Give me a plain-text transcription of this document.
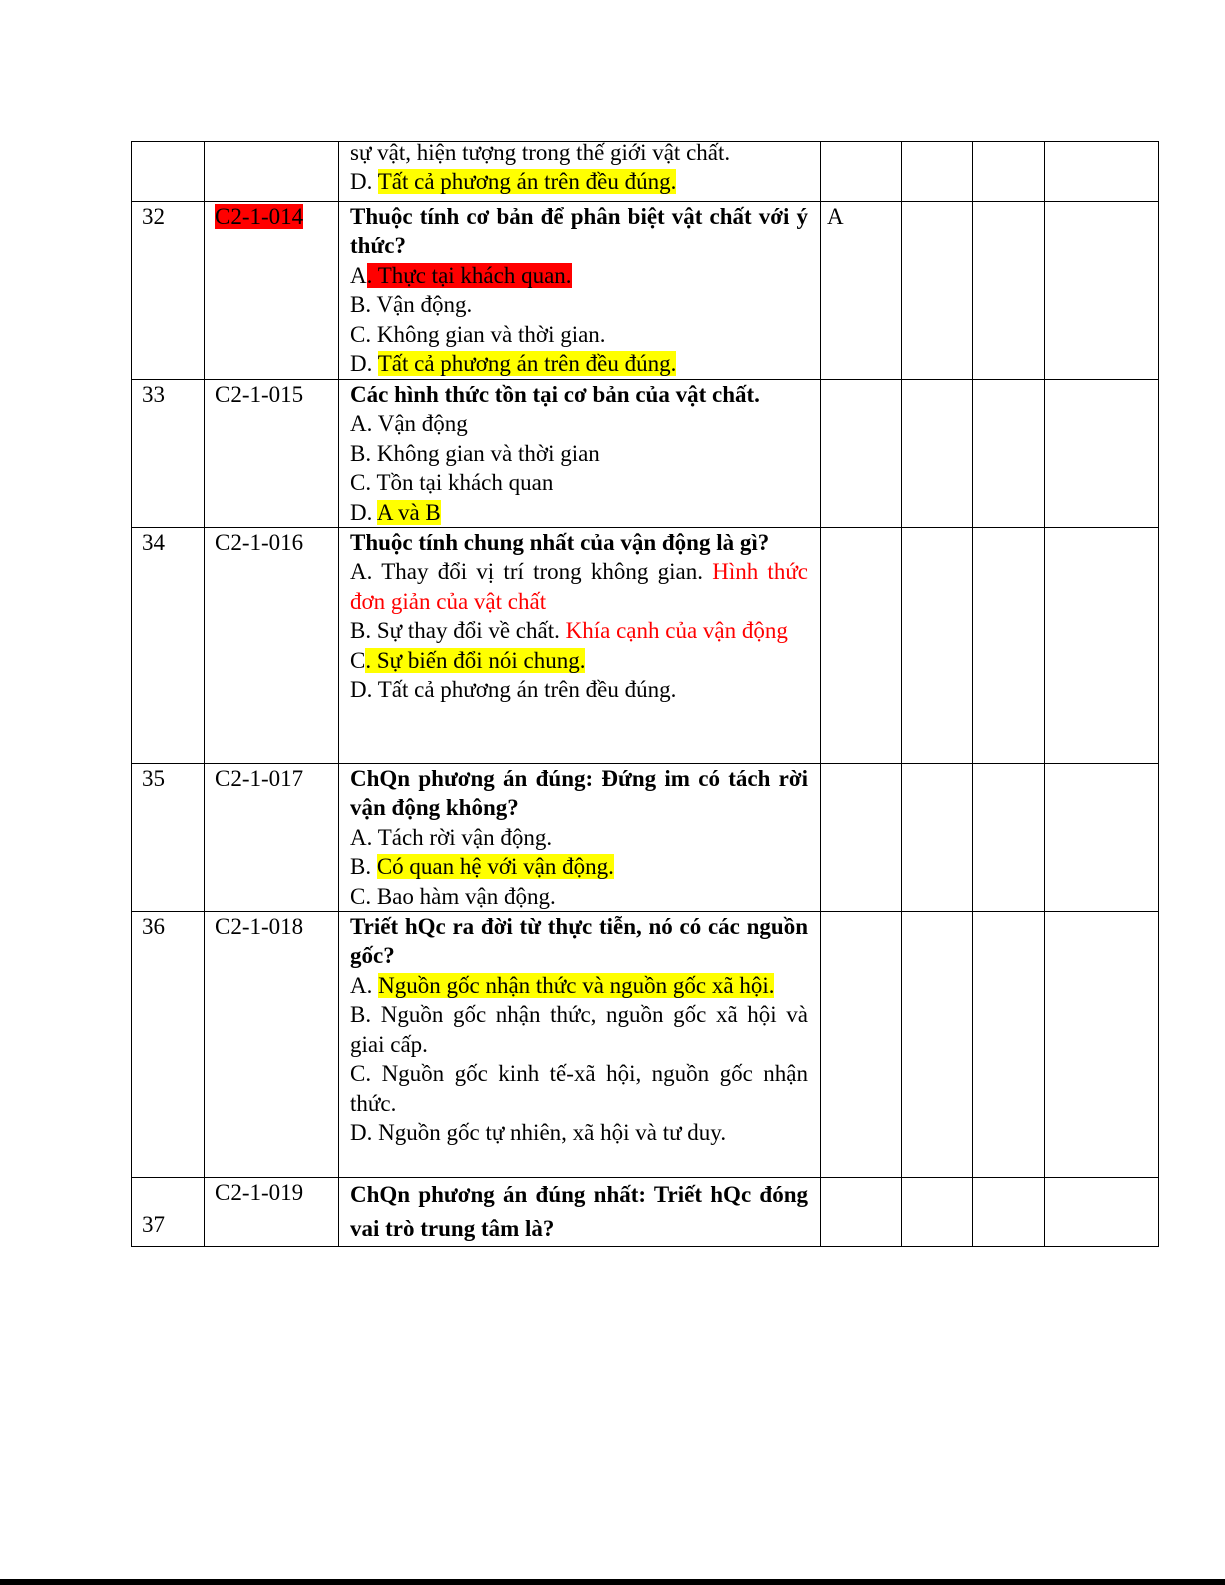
		sự vật, hiện tượng trong thế giới vật chất.
D. Tất cả phương án trên đều đúng.				

32	C2-1-014	Thuộc tính cơ bản để phân biệt vật chất với ý thức?
A. Thực tại khách quan.
B. Vận động.
C. Không gian và thời gian.
D. Tất cả phương án trên đều đúng.	A			
33	C2-1-015	Các hình thức tồn tại cơ bản của vật chất.
A. Vận động
B. Không gian và thời gian
C. Tồn tại khách quan
D. A và B				

34	C2-1-016	Thuộc tính chung nhất của vận động là gì?
A. Thay đổi vị trí trong không gian. Hình thức đơn giản của vật chất
B. Sự thay đổi về chất. Khía cạnh của vận động
C. Sự biến đổi nói chung.
D. Tất cả phương án trên đều đúng.				

35	C2-1-017	ChQn phương án đúng: Đứng im có tách rời vận động không?
A. Tách rời vận động.
B. Có quan hệ với vận động.
C. Bao hàm vận động.				

36	C2-1-018	Triết hQc ra đời từ thực tiễn, nó có các nguồn gốc?
A. Nguồn gốc nhận thức và nguồn gốc xã hội.
B. Nguồn gốc nhận thức, nguồn gốc xã hội và giai cấp.
C. Nguồn gốc kinh tế-xã hội, nguồn gốc nhận thức.
D. Nguồn gốc tự nhiên, xã hội và tư duy.				

37	C2-1-019	ChQn phương án đúng nhất: Triết hQc đóng vai trò trung tâm là?				
